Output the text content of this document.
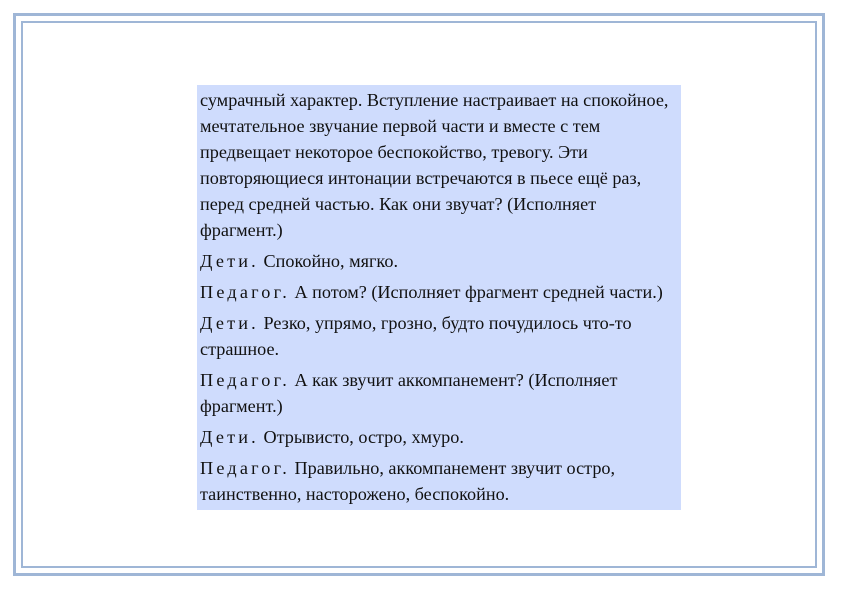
сумрачный характер. Вступление настраивает на спокойное, мечтательное звучание первой части и вместе с тем предвещает некоторое беспокойство, тревогу. Эти повторяющиеся интонации встречаются в пьесе ещё раз, перед средней частью. Как они звучат? (Исполняет фрагмент.)

Дети. Спокойно, мягко.

Педагог. А потом? (Исполняет фрагмент средней части.)

Дети. Резко, упрямо, грозно, будто почудилось что-то страшное.

Педагог. А как звучит аккомпанемент? (Исполняет фрагмент.)

Дети. Отрывисто, остро, хмуро.

Педагог. Правильно, аккомпанемент звучит остро, таинственно, насторожено, беспокойно.
